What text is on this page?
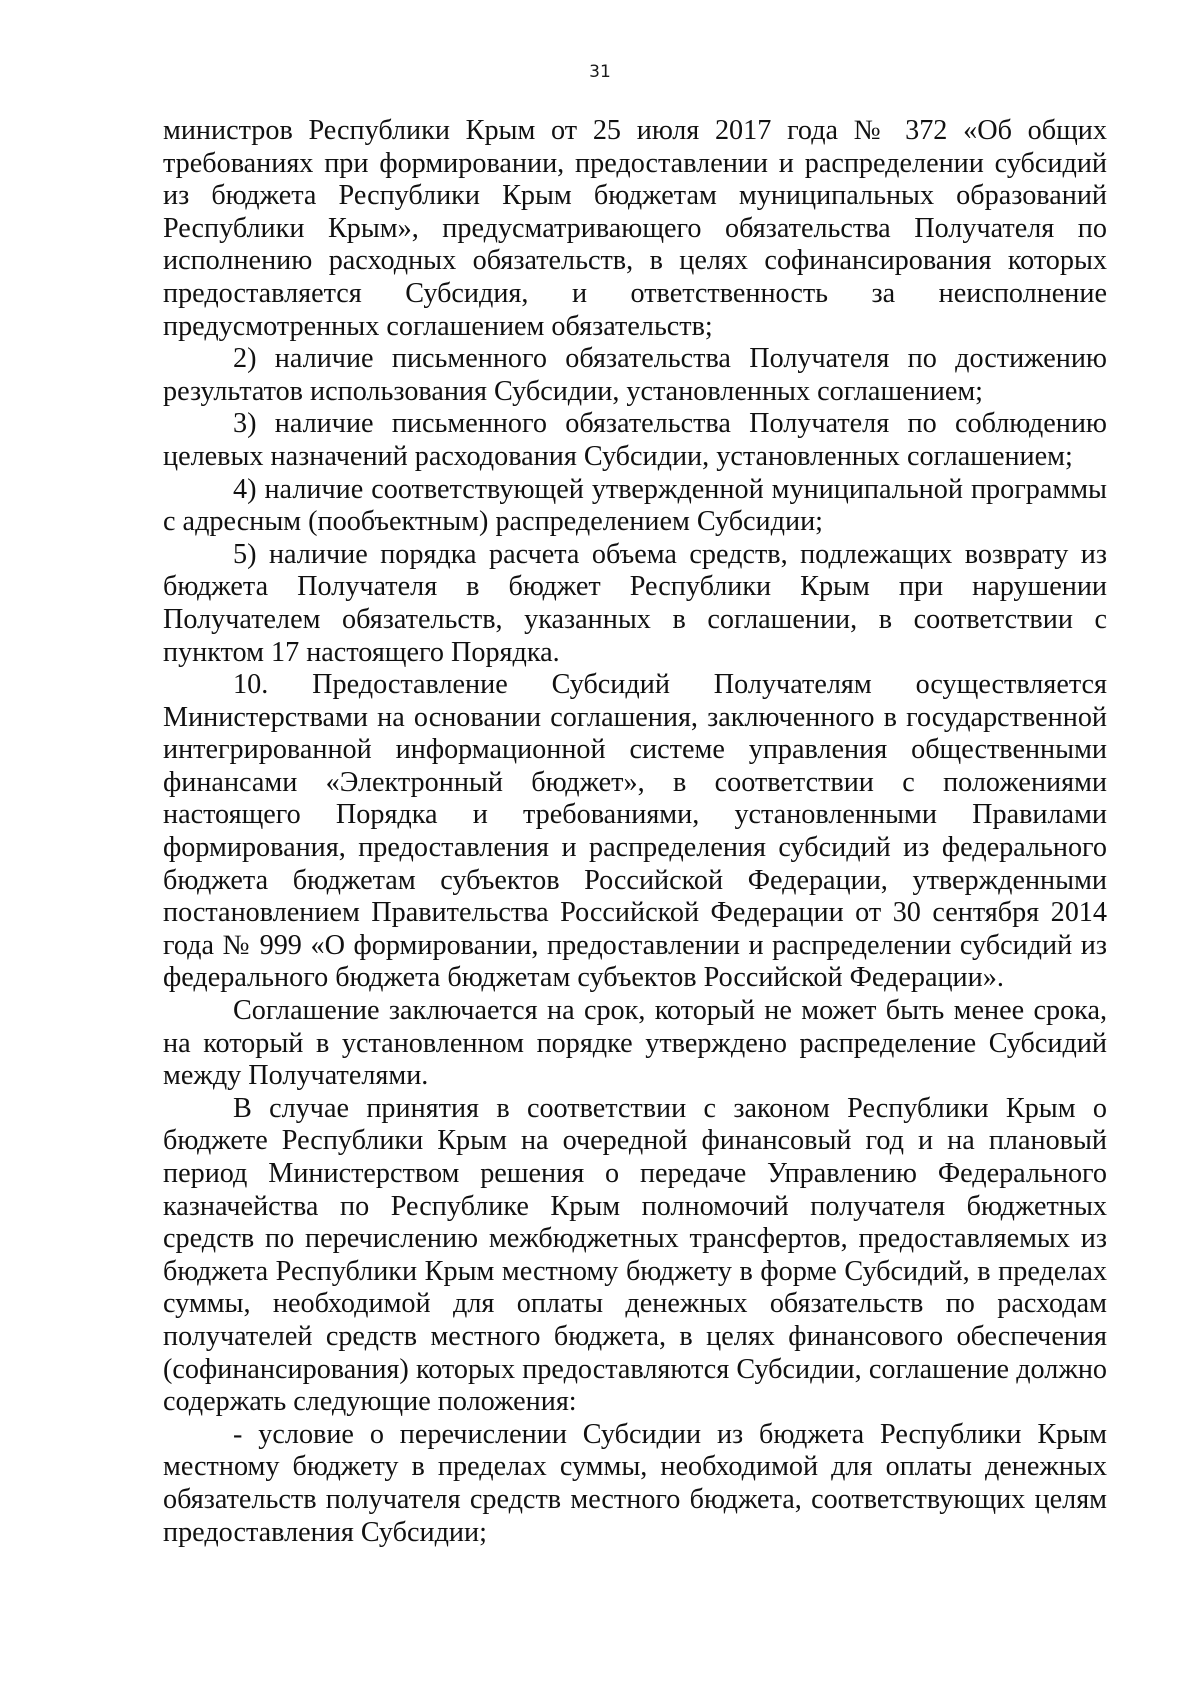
31

министров Республики Крым от 25 июля 2017 года № 372 «Об общих требованиях при формировании, предоставлении и распределении субсидий из бюджета Республики Крым бюджетам муниципальных образований Республики Крым», предусматривающего обязательства Получателя по исполнению расходных обязательств, в целях софинансирования которых предоставляется Субсидия, и ответственность за неисполнение предусмотренных соглашением обязательств;

2) наличие письменного обязательства Получателя по достижению результатов использования Субсидии, установленных соглашением;

3) наличие письменного обязательства Получателя по соблюдению целевых назначений расходования Субсидии, установленных соглашением;

4) наличие соответствующей утвержденной муниципальной программы с адресным (пообъектным) распределением Субсидии;

5) наличие порядка расчета объема средств, подлежащих возврату из бюджета Получателя в бюджет Республики Крым при нарушении Получателем обязательств, указанных в соглашении, в соответствии с пунктом 17 настоящего Порядка.

10. Предоставление Субсидий Получателям осуществляется Министерствами на основании соглашения, заключенного в государственной интегрированной информационной системе управления общественными финансами «Электронный бюджет», в соответствии с положениями настоящего Порядка и требованиями, установленными Правилами формирования, предоставления и распределения субсидий из федерального бюджета бюджетам субъектов Российской Федерации, утвержденными постановлением Правительства Российской Федерации от 30 сентября 2014 года № 999 «О формировании, предоставлении и распределении субсидий из федерального бюджета бюджетам субъектов Российской Федерации».

Соглашение заключается на срок, который не может быть менее срока, на который в установленном порядке утверждено распределение Субсидий между Получателями.

В случае принятия в соответствии с законом Республики Крым о бюджете Республики Крым на очередной финансовый год и на плановый период Министерством решения о передаче Управлению Федерального казначейства по Республике Крым полномочий получателя бюджетных средств по перечислению межбюджетных трансфертов, предоставляемых из бюджета Республики Крым местному бюджету в форме Субсидий, в пределах суммы, необходимой для оплаты денежных обязательств по расходам получателей средств местного бюджета, в целях финансового обеспечения (софинансирования) которых предоставляются Субсидии, соглашение должно содержать следующие положения:

- условие о перечислении Субсидии из бюджета Республики Крым местному бюджету в пределах суммы, необходимой для оплаты денежных обязательств получателя средств местного бюджета, соответствующих целям предоставления Субсидии;
